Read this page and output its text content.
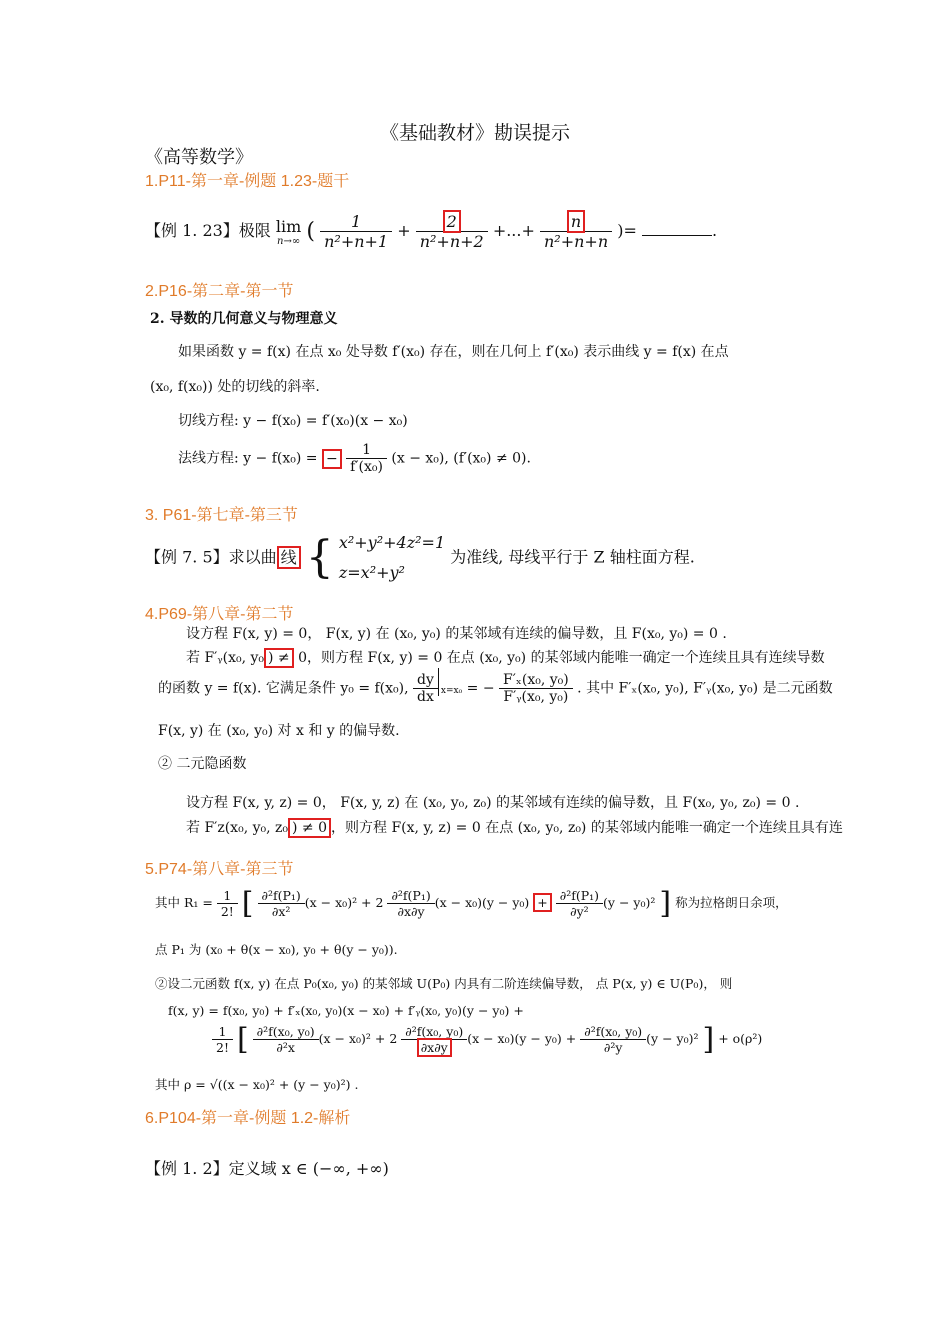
《基础教材》勘误提示
《高等数学》
1.P11-第一章-例题 1.23-题干
【例 1. 23】极限 lim
n→∞ ( $\frac{1}{\text{n²+n+1}} + \frac{2}{\text{n²+n+2}}$ +...+ $\frac{n}{\text{n²+n+n}}$ )=	.
2.P16-第二章-第一节
2. 导数的几何意义与物理意义
如果函数 y = f(x) 在点 x₀ 处导数 f′(x₀) 存在，则在几何上 f′(x₀) 表示曲线 y = f(x) 在点
(x₀, f(x₀)) 处的切线的斜率.
切线方程: y − f(x₀) = f′(x₀)(x − x₀)
法线方程: y − f(x₀) = − $\frac{1}{\text{f′(x₀)}} (x - x_0)$, (f′(x₀) ≠ 0).
3. P61-第七章-第三节
【例 7. 5】求以曲 线 { x²+y²+4z²=1
z=x²+y²
为准线, 母线平行于 Z 轴柱面方程.
4.P69-第八章-第二节
设方程 F(x, y) = 0， F(x, y) 在 (x₀, y₀) 的某邻域有连续的偏导数，且 F(x₀, y₀) = 0 .
若 F′ᵧ(x₀, y₀ ) ≠ 0，则方程 F(x, y) = 0 在点 (x₀, y₀) 的某邻域内能唯一确定一个连续且具有连续导数
的函数 y = f(x). 它满足条件 y₀ = f(x₀), $\frac{dy}{dx} x=x_0$ = − $\frac{\text{F′ₓ(x₀, y₀)}}{\text{F′ᵧ(x₀, y₀)}}$ . 其中 F′ₓ(x₀, y₀), F′ᵧ(x₀, y₀) 是二元函数
F(x, y) 在 (x₀, y₀) 对 x 和 y 的偏导数.
② 二元隐函数
设方程 F(x, y, z) = 0， F(x, y, z) 在 (x₀, y₀, z₀) 的某邻域有连续的偏导数，且 F(x₀, y₀, z₀) = 0 .
若 F′z(x₀, y₀, z₀ ) ≠ 0 ，则方程 F(x, y, z) = 0 在点 (x₀, y₀, z₀) 的某邻域内能唯一确定一个连续且具有连
5.P74-第八章-第三节
其中 $R_1 = \frac{1}{2!}$ [ $\frac{\text{∂²f(P₁)}}{\text{∂x²}} (x - x_0)^2 + 2 \frac{\text{∂²f(P₁)}}{\partial x\partial y} (x - x_0)(y - y_0) + \frac{\text{∂²f(P₁)}}{\text{∂y²}} (y - y_0)^2$ ] 称为拉格朗日余项，
点 P₁ 为 (x₀ + θ(x − x₀), y₀ + θ(y − y₀)).
②设二元函数 f(x, y) 在点 P₀(x₀, y₀) 的某邻域 U(P₀) 内具有二阶连续偏导数， 点 P(x, y) ∈ U(P₀)， 则
f(x, y) = f(x₀, y₀) + f′ₓ(x₀, y₀)(x − x₀) + f′ᵧ(x₀, y₀)(y − y₀) +
$\frac{1}{2!}$ [ $\frac{\text{∂²f(x₀, y₀)}}{\text{∂²x}} (x - x_0)^2 + 2 \frac{\text{∂²f(x₀, y₀)}}{\partial x\partial y} (x - x_0)(y - y_0) + \frac{\text{∂²f(x₀, y₀)}}{\text{∂²y}} (y - y_0)^2$ ] + o(ρ²)
其中 ρ = √((x − x₀)² + (y − y₀)²) .
6.P104-第一章-例题 1.2-解析
【例 1. 2】定义域 x ∈ (−∞, +∞)
